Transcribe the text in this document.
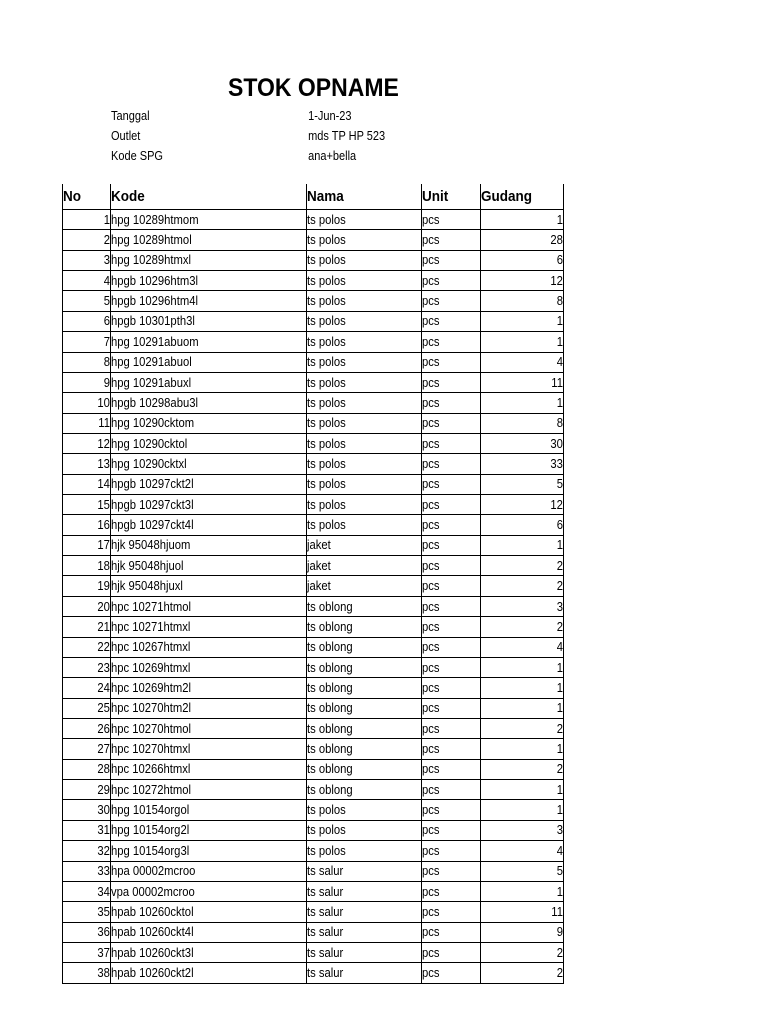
STOK OPNAME
Tanggal	1-Jun-23
Outlet	mds TP HP 523
Kode SPG	ana+bella
No	Kode	Nama	Unit	Gudang
1	hpg 10289htmom	ts polos	pcs	1
2	hpg 10289htmol	ts polos	pcs	28
3	hpg 10289htmxl	ts polos	pcs	6
4	hpgb 10296htm3l	ts polos	pcs	12
5	hpgb 10296htm4l	ts polos	pcs	8
6	hpgb 10301pth3l	ts polos	pcs	1
7	hpg 10291abuom	ts polos	pcs	1
8	hpg 10291abuol	ts polos	pcs	4
9	hpg 10291abuxl	ts polos	pcs	11
10	hpgb 10298abu3l	ts polos	pcs	1
11	hpg 10290cktom	ts polos	pcs	8
12	hpg 10290cktol	ts polos	pcs	30
13	hpg 10290cktxl	ts polos	pcs	33
14	hpgb 10297ckt2l	ts polos	pcs	5
15	hpgb 10297ckt3l	ts polos	pcs	12
16	hpgb 10297ckt4l	ts polos	pcs	6
17	hjk 95048hjuom	jaket	pcs	1
18	hjk 95048hjuol	jaket	pcs	2
19	hjk 95048hjuxl	jaket	pcs	2
20	hpc 10271htmol	ts oblong	pcs	3
21	hpc 10271htmxl	ts oblong	pcs	2
22	hpc 10267htmxl	ts oblong	pcs	4
23	hpc 10269htmxl	ts oblong	pcs	1
24	hpc 10269htm2l	ts oblong	pcs	1
25	hpc 10270htm2l	ts oblong	pcs	1
26	hpc 10270htmol	ts oblong	pcs	2
27	hpc 10270htmxl	ts oblong	pcs	1
28	hpc 10266htmxl	ts oblong	pcs	2
29	hpc 10272htmol	ts oblong	pcs	1
30	hpg 10154orgol	ts polos	pcs	1
31	hpg 10154org2l	ts polos	pcs	3
32	hpg 10154org3l	ts polos	pcs	4
33	hpa 00002mcroo	ts salur	pcs	5
34	vpa 00002mcroo	ts salur	pcs	1
35	hpab 10260cktol	ts salur	pcs	11
36	hpab 10260ckt4l	ts salur	pcs	9
37	hpab 10260ckt3l	ts salur	pcs	2
38	hpab 10260ckt2l	ts salur	pcs	2
